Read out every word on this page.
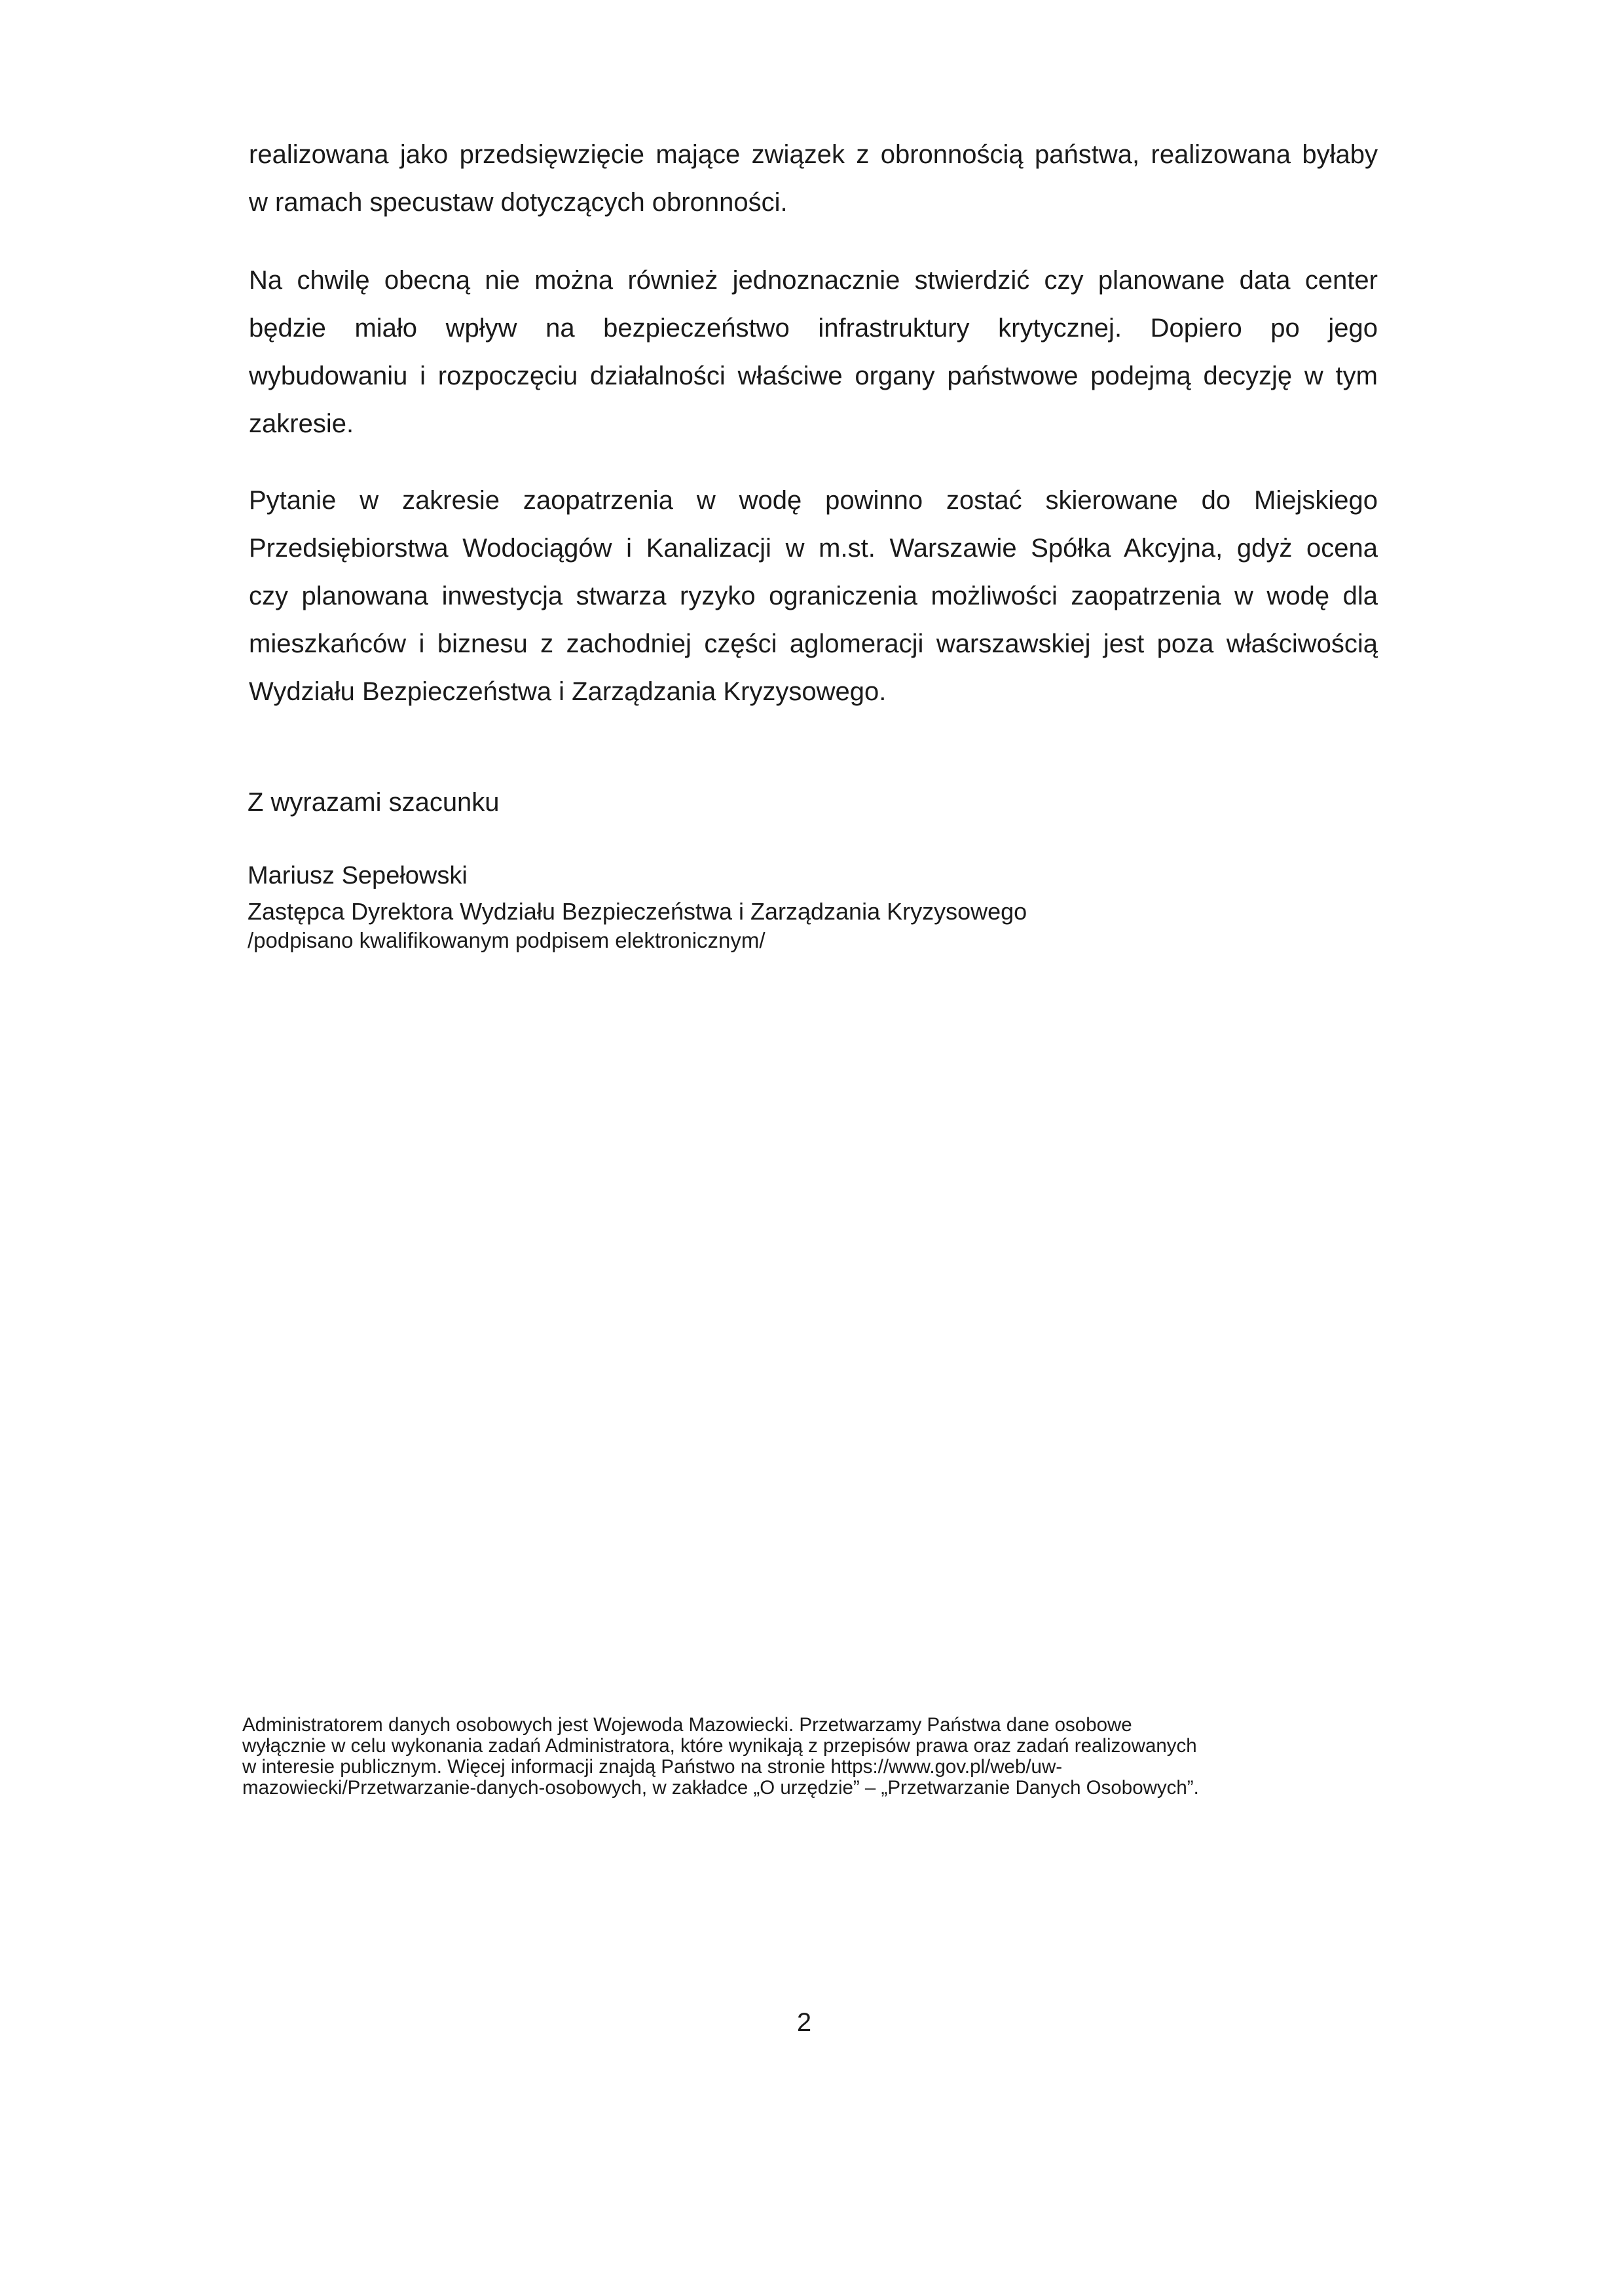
realizowana jako przedsięwzięcie mające związek z obronnością państwa, realizowana byłaby
w ramach specustaw dotyczących obronności.

Na chwilę obecną nie można również jednoznacznie stwierdzić czy planowane data center
będzie miało wpływ na bezpieczeństwo infrastruktury krytycznej. Dopiero po jego
wybudowaniu i rozpoczęciu działalności właściwe organy państwowe podejmą decyzję w tym
zakresie.

Pytanie w zakresie zaopatrzenia w wodę powinno zostać skierowane do Miejskiego
Przedsiębiorstwa Wodociągów i Kanalizacji w m.st. Warszawie Spółka Akcyjna, gdyż ocena
czy planowana inwestycja stwarza ryzyko ograniczenia możliwości zaopatrzenia w wodę dla
mieszkańców i biznesu z zachodniej części aglomeracji warszawskiej jest poza właściwością
Wydziału Bezpieczeństwa i Zarządzania Kryzysowego.

Z wyrazami szacunku

Mariusz Sepełowski

Zastępca Dyrektora Wydziału Bezpieczeństwa i Zarządzania Kryzysowego

/podpisano kwalifikowanym podpisem elektronicznym/

Administratorem danych osobowych jest Wojewoda Mazowiecki. Przetwarzamy Państwa dane osobowe
wyłącznie w celu wykonania zadań Administratora, które wynikają z przepisów prawa oraz zadań realizowanych
w interesie publicznym. Więcej informacji znajdą Państwo na stronie https://www.gov.pl/web/uw-
mazowiecki/Przetwarzanie-danych-osobowych, w zakładce „O urzędzie” – „Przetwarzanie Danych Osobowych”.

2
